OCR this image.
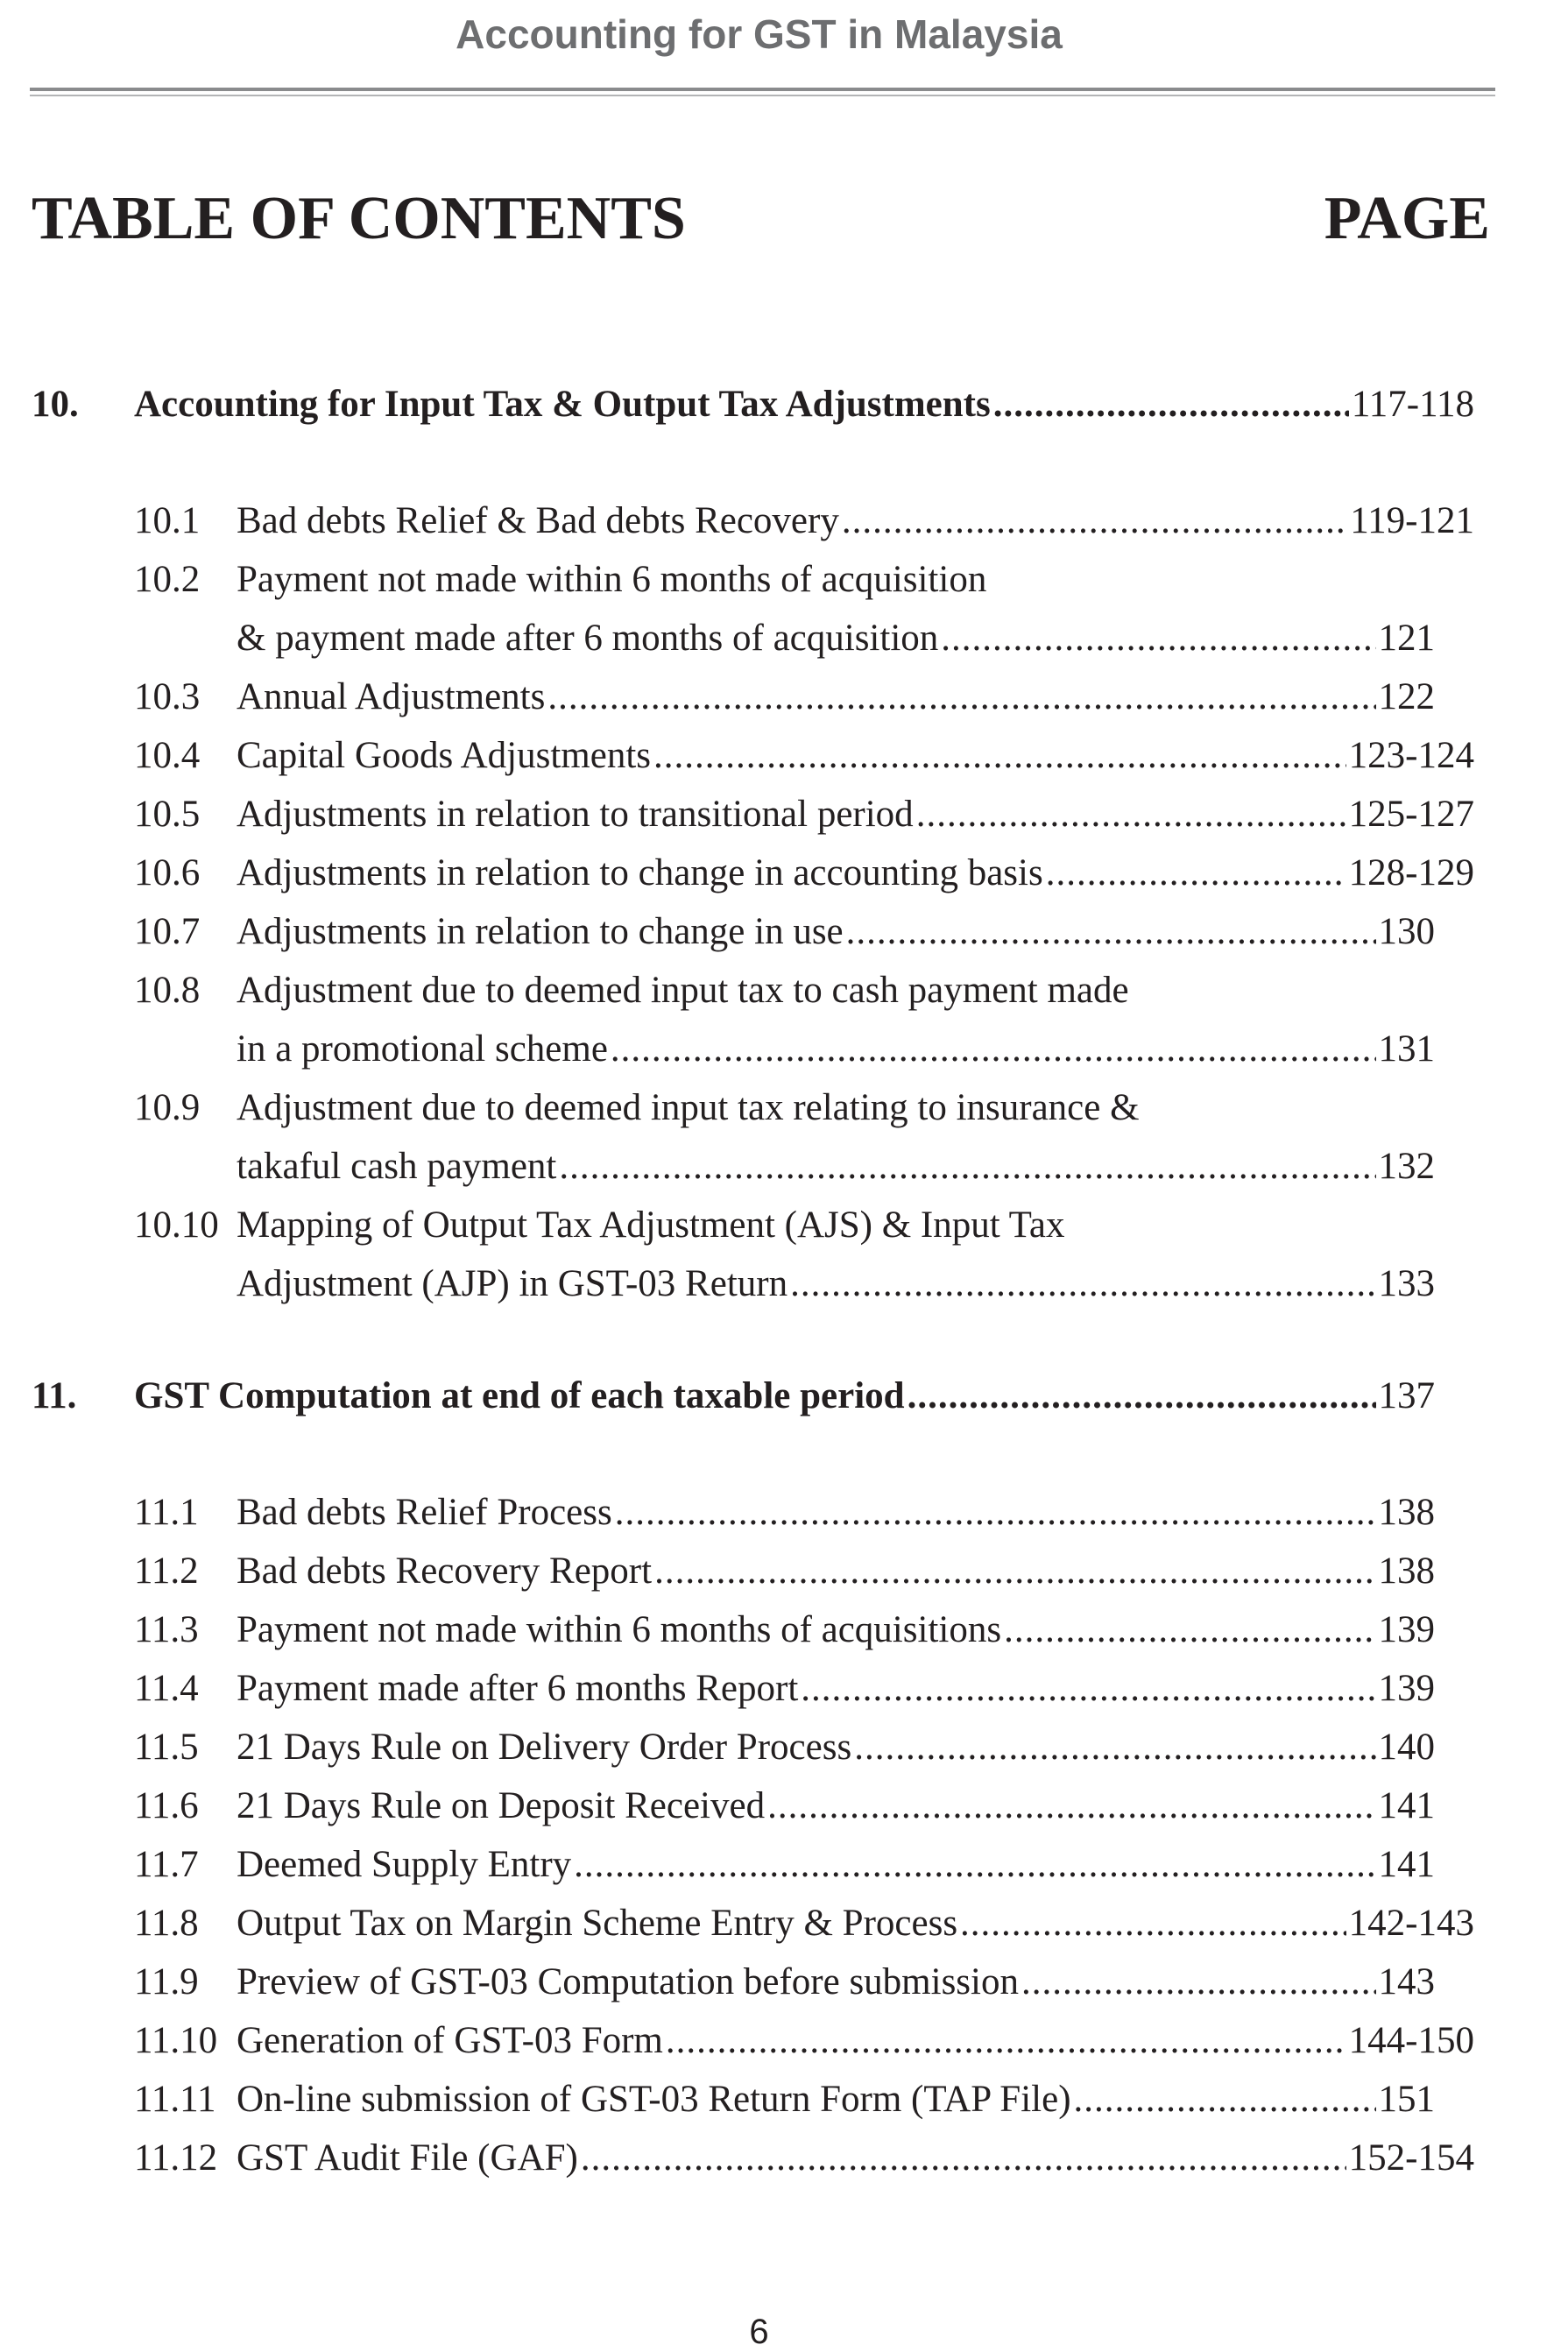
Accounting for GST in Malaysia
TABLE OF CONTENTS	PAGE
10. Accounting for Input Tax & Output Tax Adjustments .....	117-118
10.1 Bad debts Relief & Bad debts Recovery .....	119-121
10.2 Payment not made within 6 months of acquisition
& payment made after 6 months of acquisition .....	121
10.3 Annual Adjustments .....	122
10.4 Capital Goods Adjustments .....	123-124
10.5 Adjustments in relation to transitional period .....	125-127
10.6 Adjustments in relation to change in accounting basis .....	128-129
10.7 Adjustments in relation to change in use .....	130
10.8 Adjustment due to deemed input tax to cash payment made
in a promotional scheme .....	131
10.9 Adjustment due to deemed input tax relating to insurance &
takaful cash payment .....	132
10.10 Mapping of Output Tax Adjustment (AJS) & Input Tax
Adjustment (AJP) in GST-03 Return .....	133
11. GST Computation at end of each taxable period .....	137
11.1 Bad debts Relief Process .....	138
11.2 Bad debts Recovery Report .....	138
11.3 Payment not made within 6 months of acquisitions .....	139
11.4 Payment made after 6 months Report .....	139
11.5 21 Days Rule on Delivery Order Process .....	140
11.6 21 Days Rule on Deposit Received .....	141
11.7 Deemed Supply Entry .....	141
11.8 Output Tax on Margin Scheme Entry & Process .....	142-143
11.9 Preview of GST-03 Computation before submission .....	143
11.10 Generation of GST-03 Form .....	144-150
11.11 On-line submission of GST-03 Return Form (TAP File) .....	151
11.12 GST Audit File (GAF) .....	152-154
6
